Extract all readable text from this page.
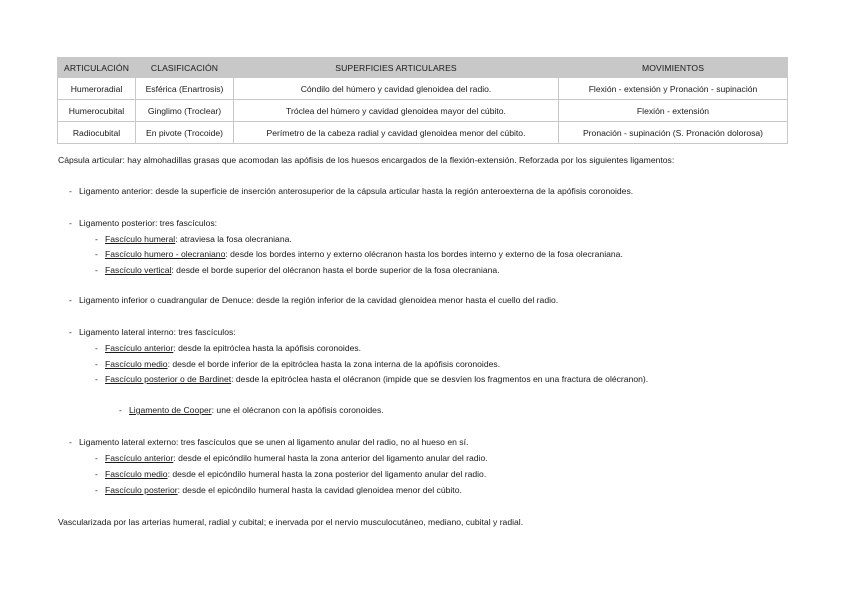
ARTICULACIÓN	CLASIFICACIÓN	SUPERFICIES ARTICULARES	MOVIMIENTOS
Humeroradial	Esférica (Enartrosis)	Cóndilo del húmero y cavidad glenoidea del radio.	Flexión - extensión y Pronación - supinación
Humerocubital	Ginglimo (Troclear)	Tróclea del húmero y cavidad glenoidea mayor del cúbito.	Flexión - extensión
Radiocubital	En pivote (Trocoide)	Perímetro de la cabeza radial y cavidad glenoidea menor del cúbito.	Pronación - supinación (S. Pronación dolorosa)
Cápsula articular: hay almohadillas grasas que acomodan las apófisis de los huesos encargados de la flexión-extensión. Reforzada por los siguientes ligamentos:
- Ligamento anterior: desde la superficie de inserción anterosuperior de la cápsula articular hasta la región anteroexterna de la apófisis coronoides.
- Ligamento posterior: tres fascículos:
- Fascículo humeral: atraviesa la fosa olecraniana.
- Fascículo humero - olecraniano: desde los bordes interno y externo olécranon hasta los bordes interno y externo de la fosa olecraniana.
- Fascículo vertical: desde el borde superior del olécranon hasta el borde superior de la fosa olecraniana.
- Ligamento inferior o cuadrangular de Denuce: desde la región inferior de la cavidad glenoidea menor hasta el cuello del radio.
- Ligamento lateral interno: tres fascículos:
- Fascículo anterior: desde la epitróclea hasta la apófisis coronoides.
- Fascículo medio: desde el borde inferior de la epitróclea hasta la zona interna de la apófisis coronoides.
- Fascículo posterior o de Bardinet: desde la epitróclea hasta el olécranon (impide que se desvíen los fragmentos en una fractura de olécranon).
- Ligamento de Cooper: une el olécranon con la apófisis coronoides.
- Ligamento lateral externo: tres fascículos que se unen al ligamento anular del radio, no al hueso en sí.
- Fascículo anterior: desde el epicóndilo humeral hasta la zona anterior del ligamento anular del radio.
- Fascículo medio: desde el epicóndilo humeral hasta la zona posterior del ligamento anular del radio.
- Fascículo posterior: desde el epicóndilo humeral hasta la cavidad glenoidea menor del cúbito.
Vascularizada por las arterias humeral, radial y cubital; e inervada por el nervio musculocutáneo, mediano, cubital y radial.
